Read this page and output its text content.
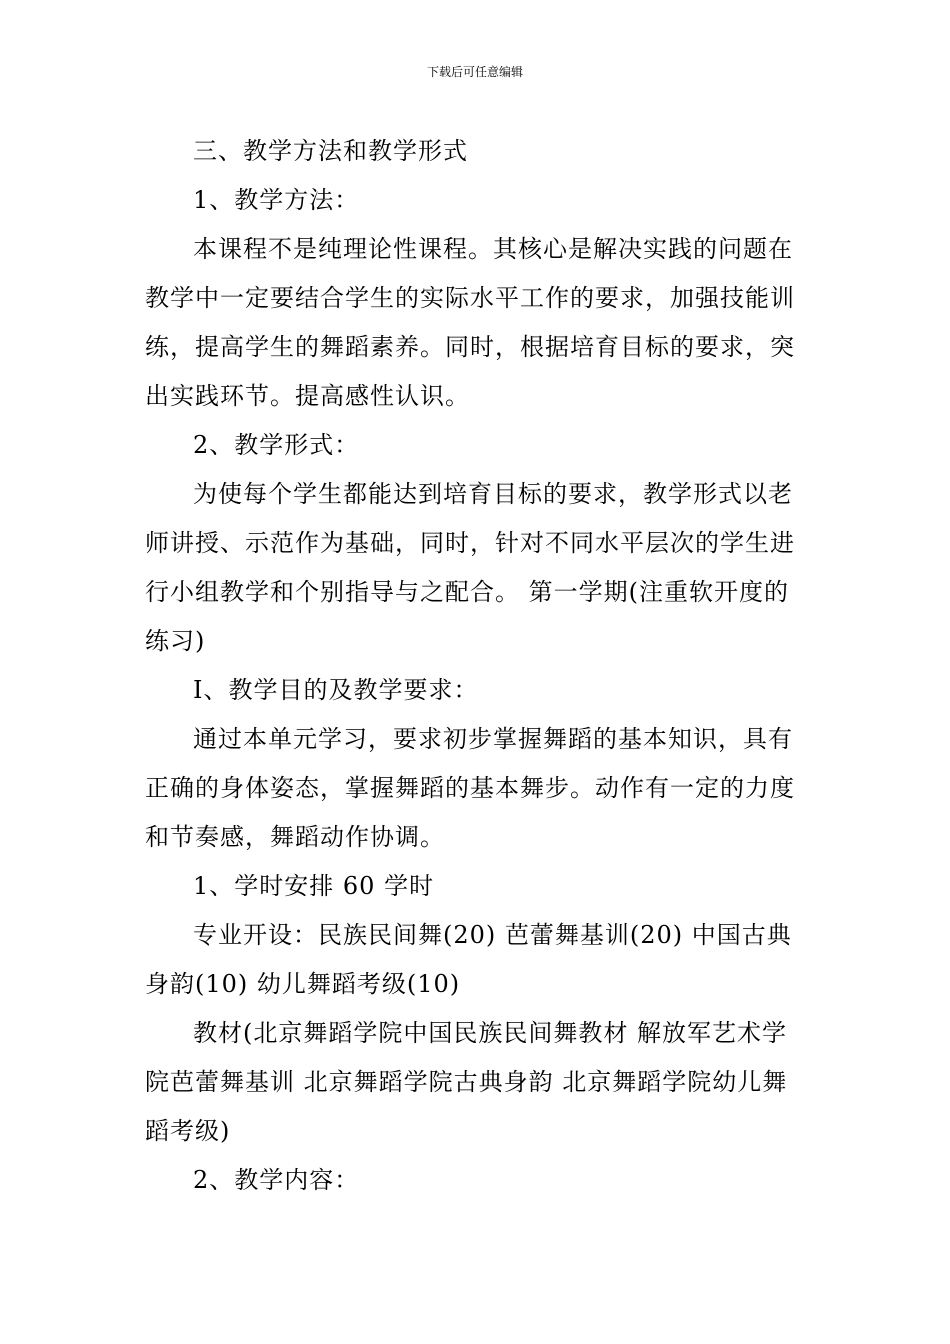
下载后可任意编辑

三、教学方法和教学形式

1、教学方法：

本课程不是纯理论性课程。其核心是解决实践的问题在教学中一定要结合学生的实际水平工作的要求，加强技能训练，提高学生的舞蹈素养。同时，根据培育目标的要求，突出实践环节。提高感性认识。

2、教学形式：

为使每个学生都能达到培育目标的要求，教学形式以老师讲授、示范作为基础，同时，针对不同水平层次的学生进行小组教学和个别指导与之配合。 第一学期(注重软开度的练习)

Ⅰ、教学目的及教学要求：

通过本单元学习，要求初步掌握舞蹈的基本知识，具有正确的身体姿态，掌握舞蹈的基本舞步。动作有一定的力度和节奏感，舞蹈动作协调。

1、学时安排 60 学时

专业开设：民族民间舞(20) 芭蕾舞基训(20) 中国古典身韵(10) 幼儿舞蹈考级(10)

教材(北京舞蹈学院中国民族民间舞教材 解放军艺术学院芭蕾舞基训 北京舞蹈学院古典身韵 北京舞蹈学院幼儿舞蹈考级)

2、教学内容：
